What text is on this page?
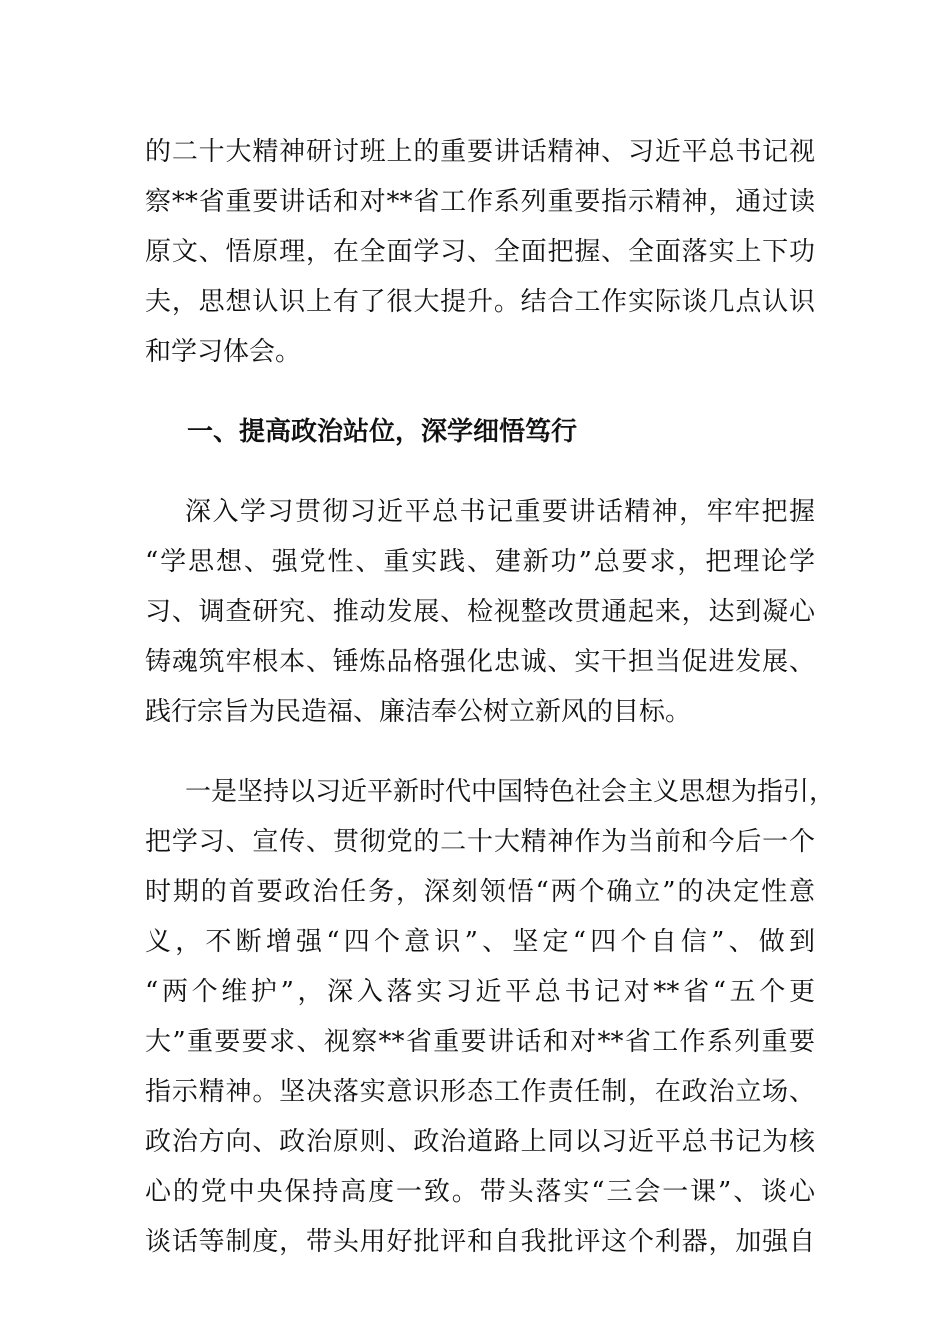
的二十大精神研讨班上的重要讲话精神、习近平总书记视
察**省重要讲话和对**省工作系列重要指示精神，通过读
原文、悟原理，在全面学习、全面把握、全面落实上下功
夫，思想认识上有了很大提升。结合工作实际谈几点认识
和学习体会。
一、提高政治站位，深学细悟笃行
深入学习贯彻习近平总书记重要讲话精神，牢牢把握
“学思想、强党性、重实践、建新功”总要求，把理论学
习、调查研究、推动发展、检视整改贯通起来，达到凝心
铸魂筑牢根本、锤炼品格强化忠诚、实干担当促进发展、
践行宗旨为民造福、廉洁奉公树立新风的目标。
一是坚持以习近平新时代中国特色社会主义思想为指引，
把学习、宣传、贯彻党的二十大精神作为当前和今后一个
时期的首要政治任务，深刻领悟“两个确立”的决定性意
义，不断增强“四个意识”、坚定“四个自信”、做到
“两个维护”，深入落实习近平总书记对**省“五个更
大”重要要求、视察**省重要讲话和对**省工作系列重要
指示精神。坚决落实意识形态工作责任制，在政治立场、
政治方向、政治原则、政治道路上同以习近平总书记为核
心的党中央保持高度一致。带头落实“三会一课”、谈心
谈话等制度，带头用好批评和自我批评这个利器，加强自
